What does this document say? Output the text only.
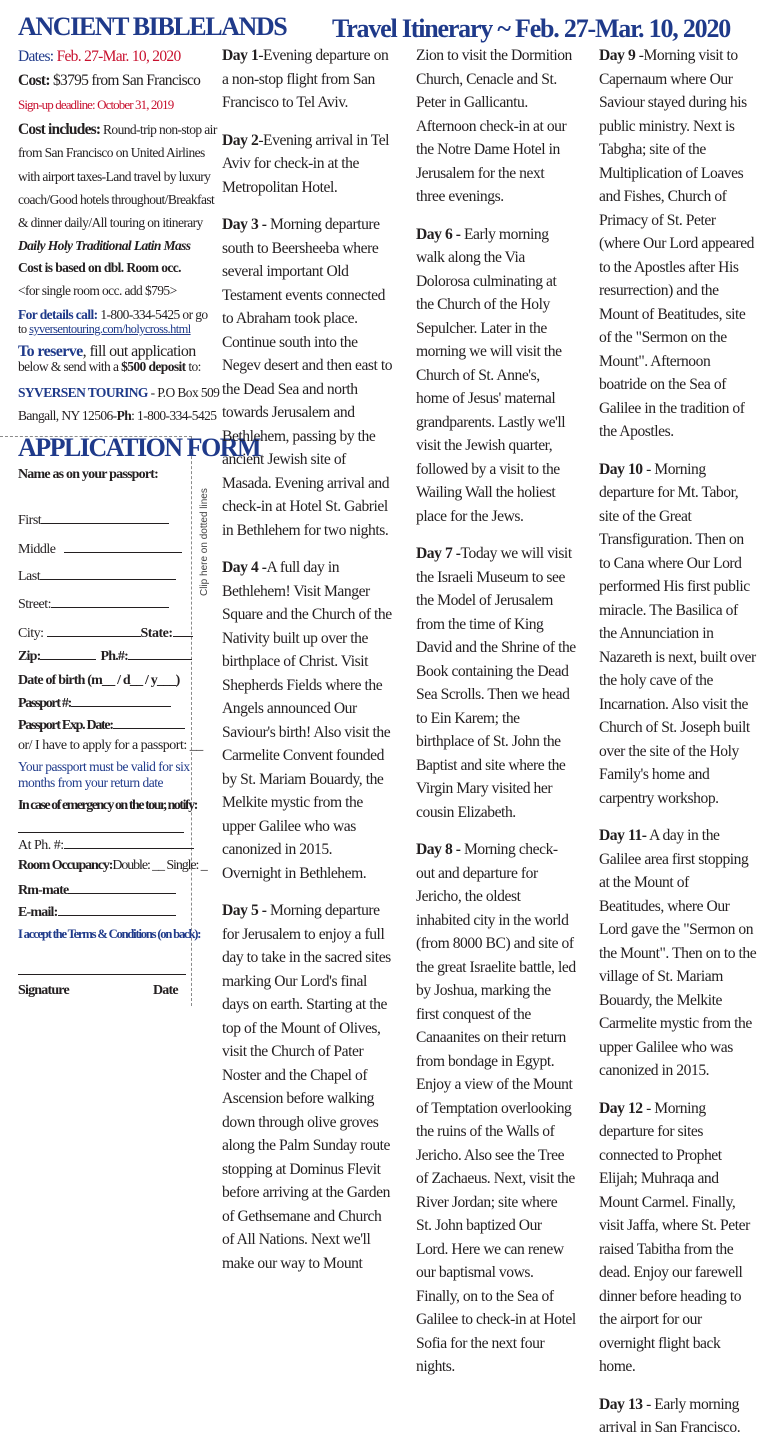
ANCIENT BIBLELANDS
Dates: Feb. 27-Mar. 10, 2020
Cost: $3795 from San Francisco
Sign-up deadline: October 31, 2019
Cost includes: Round-trip non-stop air
from San Francisco on United Airlines
with airport taxes-Land travel by luxury
coach/Good hotels throughout/Breakfast
& dinner daily/All touring on itinerary
Daily Holy Traditional Latin Mass
Cost is based on dbl. Room occ.
<for single room occ. add $795>
For details call: 1-800-334-5425 or go
to syversentouring.com/holycross.html
To reserve, fill out application
below & send with a $500 deposit to:
SYVERSEN TOURING - P.O Box 509
Bangall, NY 12506-Ph: 1-800-334-5425
Clip here on dotted lines
APPLICATION FORM
Name as on your passport:
First
Middle
Last
Street:
City:	State:
Zip:	Ph.#:
Date of birth (m__ / d__ / y___)
Passport #:
Passport Exp. Date:
or/ I have to apply for a passport: __
Your passport must be valid for six
months from your return date
In case of emergency on the tour, notify:
At Ph. #:
Room Occupancy:Double: __ Single: _
Rm-mate
E-mail:
I accept the Terms & Conditions (on back):
Signature	Date
Travel Itinerary ~ Feb. 27-Mar. 10, 2020

Day 1-Evening departure on a non-stop flight from San Francisco to Tel Aviv.

Day 2-Evening arrival in Tel Aviv for check-in at the Metropolitan Hotel.

Day 3 - Morning departure south to Beersheeba where several important Old Testament events connected to Abraham took place. Continue south into the Negev desert and then east to the Dead Sea and north towards Jerusalem and Bethlehem, passing by the ancient Jewish site of Masada. Evening arrival and check-in at Hotel St. Gabriel in Bethlehem for two nights.

Day 4 -A full day in Bethlehem! Visit Manger Square and the Church of the Nativity built up over the birthplace of Christ. Visit Shepherds Fields where the Angels announced Our Saviour's birth! Also visit the Carmelite Convent founded by St. Mariam Bouardy, the Melkite mystic from the upper Galilee who was canonized in 2015. Overnight in Bethlehem.

Day 5 - Morning departure for Jerusalem to enjoy a full day to take in the sacred sites marking Our Lord's final days on earth. Starting at the top of the Mount of Olives, visit the Church of Pater Noster and the Chapel of Ascension before walking down through olive groves along the Palm Sunday route stopping at Dominus Flevit before arriving at the Garden of Gethsemane and Church of All Nations. Next we'll make our way to Mount

Zion to visit the Dormition Church, Cenacle and St. Peter in Gallicantu. Afternoon check-in at our the Notre Dame Hotel in Jerusalem for the next three evenings.

Day 6 - Early morning walk along the Via Dolorosa culminating at the Church of the Holy Sepulcher. Later in the morning we will visit the Church of St. Anne's, home of Jesus' maternal grandparents. Lastly we'll visit the Jewish quarter, followed by a visit to the Wailing Wall the holiest place for the Jews.

Day 7 -Today we will visit the Israeli Museum to see the Model of Jerusalem from the time of King David and the Shrine of the Book containing the Dead Sea Scrolls. Then we head to Ein Karem; the birthplace of St. John the Baptist and site where the Virgin Mary visited her cousin Elizabeth.

Day 8 - Morning check-out and departure for Jericho, the oldest inhabited city in the world (from 8000 BC) and site of the great Israelite battle, led by Joshua, marking the first conquest of the Canaanites on their return from bondage in Egypt. Enjoy a view of the Mount of Temptation overlooking the ruins of the Walls of Jericho. Also see the Tree of Zachaeus. Next, visit the River Jordan; site where St. John baptized Our Lord. Here we can renew our baptismal vows. Finally, on to the Sea of Galilee to check-in at Hotel Sofia for the next four nights.

Day 9 -Morning visit to Capernaum where Our Saviour stayed during his public ministry. Next is Tabgha; site of the Multiplication of Loaves and Fishes, Church of Primacy of St. Peter (where Our Lord appeared to the Apostles after His resurrection) and the Mount of Beatitudes, site of the "Sermon on the Mount". Afternoon boatride on the Sea of Galilee in the tradition of the Apostles.

Day 10 - Morning departure for Mt. Tabor, site of the Great Transfiguration. Then on to Cana where Our Lord performed His first public miracle. The Basilica of the Annunciation in Nazareth is next, built over the holy cave of the Incarnation. Also visit the Church of St. Joseph built over the site of the Holy Family's home and carpentry workshop.

Day 11- A day in the Galilee area first stopping at the Mount of Beatitudes, where Our Lord gave the "Sermon on the Mount". Then on to the village of St. Mariam Bouardy, the Melkite Carmelite mystic from the upper Galilee who was canonized in 2015.

Day 12 - Morning departure for sites connected to Prophet Elijah; Muhraqa and Mount Carmel. Finally, visit Jaffa, where St. Peter raised Tabitha from the dead. Enjoy our farewell dinner before heading to the airport for our overnight flight back home.

Day 13 - Early morning arrival in San Francisco.
